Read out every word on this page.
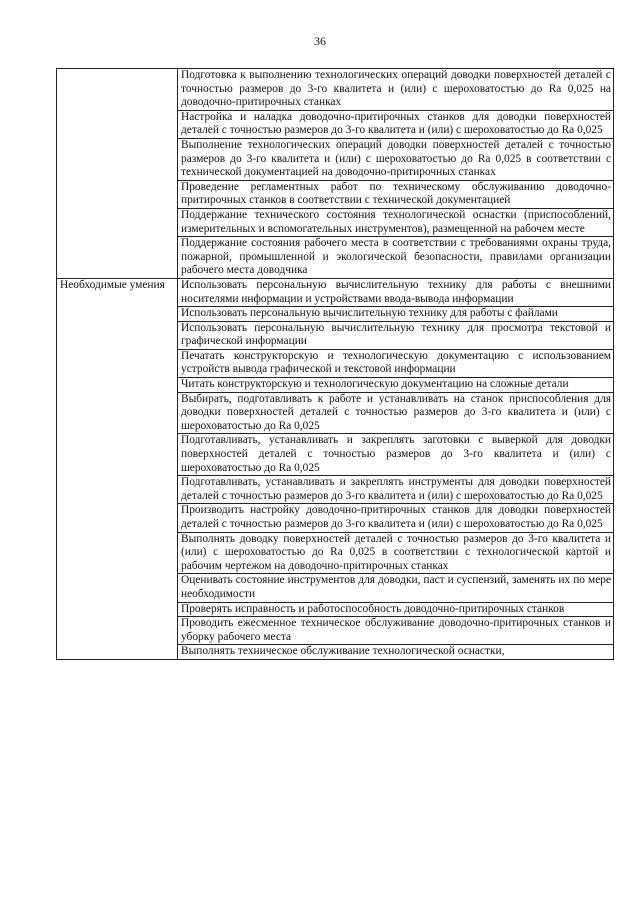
36
	Подготовка к выполнению технологических операций доводки поверхностей деталей с точностью размеров до 3-го квалитета и (или) с шероховатостью до Ra 0,025 на доводочно-притирочных станках
	Настройка и наладка доводочно-притирочных станков для доводки поверхностей деталей с точностью размеров до 3-го квалитета и (или) с шероховатостью до Ra 0,025
	Выполнение технологических операций доводки поверхностей деталей с точностью размеров до 3-го квалитета и (или) с шероховатостью до Ra 0,025 в соответствии с технической документацией на доводочно-притирочных станках
	Проведение регламентных работ по техническому обслуживанию доводочно-притирочных станков в соответствии с технической документацией
	Поддержание технического состояния технологической оснастки (приспособлений, измерительных и вспомогательных инструментов), размещенной на рабочем месте
	Поддержание состояния рабочего места в соответствии с требованиями охраны труда, пожарной, промышленной и экологической безопасности, правилами организации рабочего места доводчика
Необходимые умения	Использовать персональную вычислительную технику для работы с внешними носителями информации и устройствами ввода-вывода информации
	Использовать персональную вычислительную технику для работы с файлами
	Использовать персональную вычислительную технику для просмотра текстовой и графической информации
	Печатать конструкторскую и технологическую документацию с использованием устройств вывода графической и текстовой информации
	Читать конструкторскую и технологическую документацию на сложные детали
	Выбирать, подготавливать к работе и устанавливать на станок приспособления для доводки поверхностей деталей с точностью размеров до 3-го квалитета и (или) с шероховатостью до Ra 0,025
	Подготавливать, устанавливать и закреплять заготовки с выверкой для доводки поверхностей деталей с точностью размеров до 3-го квалитета и (или) с шероховатостью до Ra 0,025
	Подготавливать, устанавливать и закреплять инструменты для доводки поверхностей деталей с точностью размеров до 3-го квалитета и (или) с шероховатостью до Ra 0,025
	Производить настройку доводочно-притирочных станков для доводки поверхностей деталей с точностью размеров до 3-го квалитета и (или) с шероховатостью до Ra 0,025
	Выполнять доводку поверхностей деталей с точностью размеров до 3-го квалитета и (или) с шероховатостью до Ra 0,025 в соответствии с технологической картой и рабочим чертежом на доводочно-притирочных станках
	Оценивать состояние инструментов для доводки, паст и суспензий, заменять их по мере необходимости
	Проверять исправность и работоспособность доводочно-притирочных станков
	Проводить ежесменное техническое обслуживание доводочно-притирочных станков и уборку рабочего места
	Выполнять техническое обслуживание технологической оснастки,
